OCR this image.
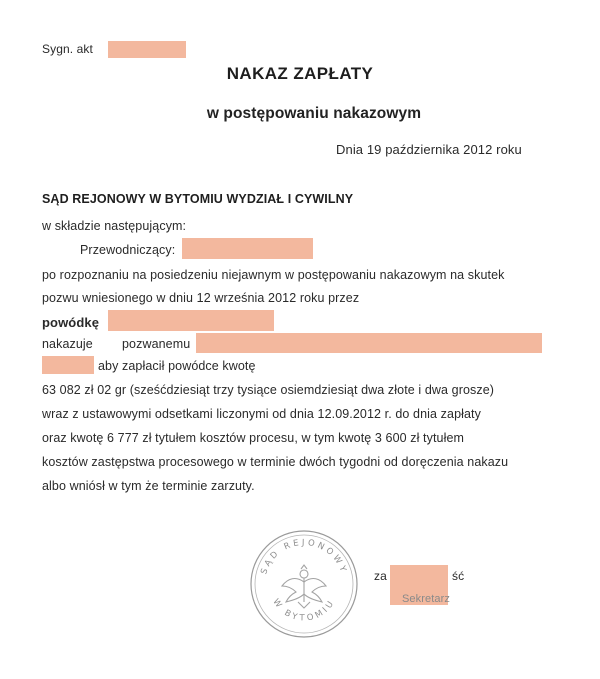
Sygn. akt
NAKAZ ZAPŁATY
w postępowaniu nakazowym
Dnia 19 października 2012 roku
SĄD REJONOWY W BYTOMIU WYDZIAŁ I CYWILNY
w składzie następującym:
Przewodniczący:
po rozpoznaniu na posiedzeniu niejawnym w postępowaniu nakazowym na skutek
pozwu wniesionego w dniu 12 września 2012 roku przez
powódkę
nakazuje pozwanemu
aby zapłacił powódce kwotę
63 082 zł 02 gr (sześćdziesiąt trzy tysiące osiemdziesiąt dwa złote i dwa grosze)
wraz z ustawowymi odsetkami liczonymi od dnia 12.09.2012 r. do dnia zapłaty
oraz kwotę 6 777 zł tytułem kosztów procesu, w tym kwotę 3 600 zł tytułem
kosztów zastępstwa procesowego w terminie dwóch tygodni od doręczenia nakazu
albo wniósł w tym że terminie zarzuty.
SĄD REJONOWY
W BYTOMIU
za	ść
Sekretarz
